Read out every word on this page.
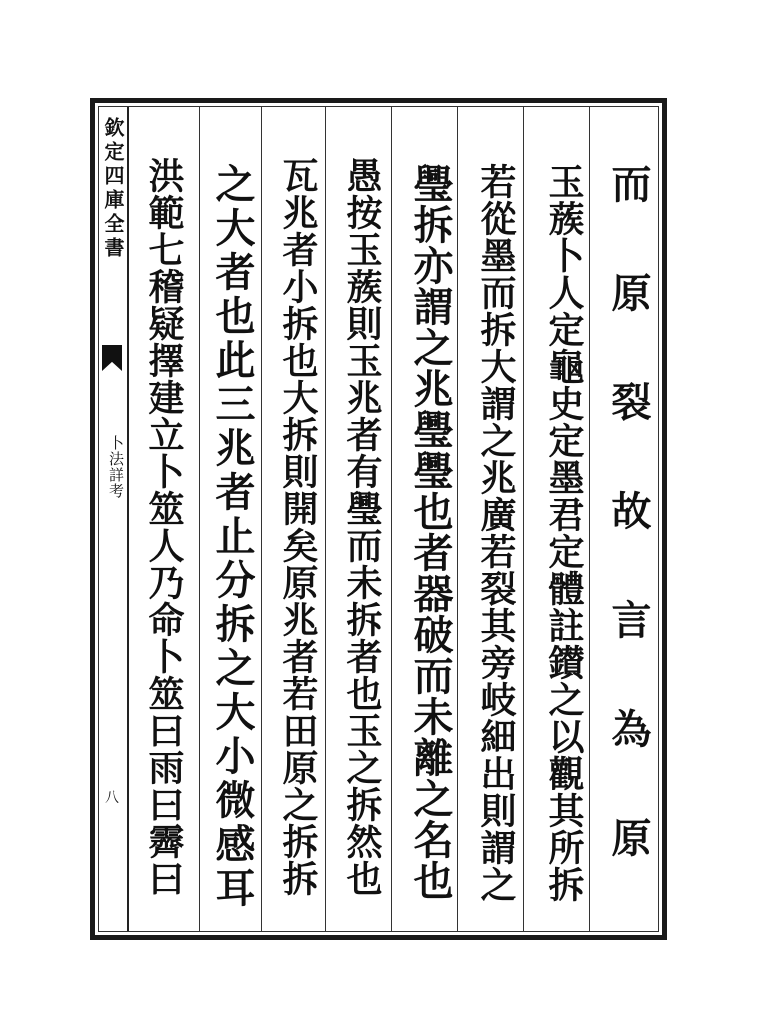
欽定四庫全書
卜法詳考
八	而原裂故言為原
玉蔟卜人定龜史定墨君定體註鑚之以觀其所拆
若從墨而拆大謂之兆廣若裂其旁岐細出則謂之
璺拆亦謂之兆璺璺也者器破而未離之名也
愚按玉蔟則玉兆者有璺而未拆者也玉之拆然也
瓦兆者小拆也大拆則開矣原兆者若田原之拆拆
之大者也此三兆者止分拆之大小微感耳
洪範七稽疑擇建立卜筮人乃命卜筮曰雨曰霽曰
